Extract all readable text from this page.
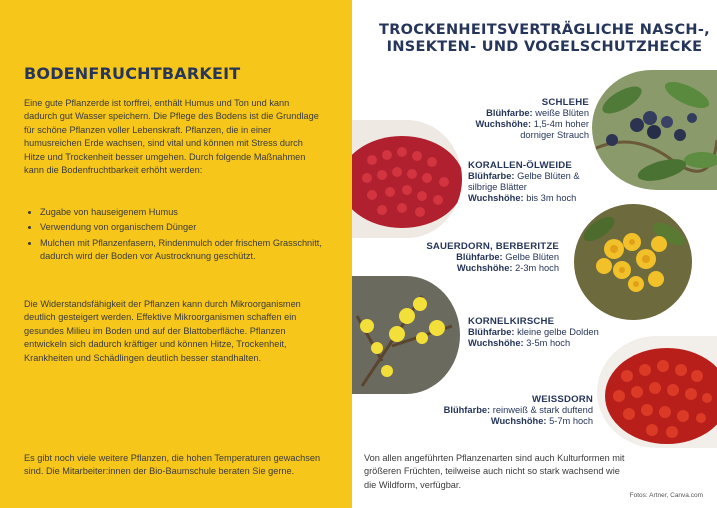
BODENFRUCHTBARKEIT

Eine gute Pflanzerde ist torffrei, enthält Humus und Ton und kann dadurch gut Wasser speichern. Die Pflege des Bodens ist die Grundlage für schöne Pflanzen voller Lebenskraft. Pflanzen, die in einer humusreichen Erde wachsen, sind vital und können mit Stress durch Hitze und Trockenheit besser umgehen. Durch folgende Maßnahmen kann die Bodenfruchtbarkeit erhöht werden:

• Zugabe von hauseigenem Humus
• Verwendung von organischem Dünger
• Mulchen mit Pflanzenfasern, Rindenmulch oder frischem Grasschnitt, dadurch wird der Boden vor Austrocknung geschützt.

Die Widerstandsfähigkeit der Pflanzen kann durch Mikroorganismen deutlich gesteigert werden. Effektive Mikroorganismen schaffen ein gesundes Milieu im Boden und auf der Blattoberfläche. Pflanzen entwickeln sich dadurch kräftiger und können Hitze, Trockenheit, Krankheiten und Schädlingen deutlich besser standhalten.

Es gibt noch viele weitere Pflanzen, die hohen Temperaturen gewachsen sind. Die Mitarbeiter:innen der Bio-Baumschule beraten Sie gerne.

TROCKENHEITSVERTRÄGLICHE NASCH-, INSEKTEN- UND VOGELSCHUTZHECKE
SCHLEHE
Blühfarbe: weiße Blüten
Wuchshöhe: 1,5-4m hoher
dorniger Strauch
KORALLEN-ÖLWEIDE
Blühfarbe: Gelbe Blüten &
silbrige Blätter
Wuchshöhe: bis 3m hoch
SAUERDORN, BERBERITZE
Blühfarbe: Gelbe Blüten
Wuchshöhe: 2-3m hoch
KORNELKIRSCHE
Blühfarbe: kleine gelbe Dolden
Wuchshöhe: 3-5m hoch
WEISSDORN
Blühfarbe: reinweiß & stark duftend
Wuchshöhe: 5-7m hoch

Von allen angeführten Pflanzenarten sind auch Kulturformen mit größeren Früchten, teilweise auch nicht so stark wachsend wie die Wildform, verfügbar.

Fotos: Artner, Canva.com
